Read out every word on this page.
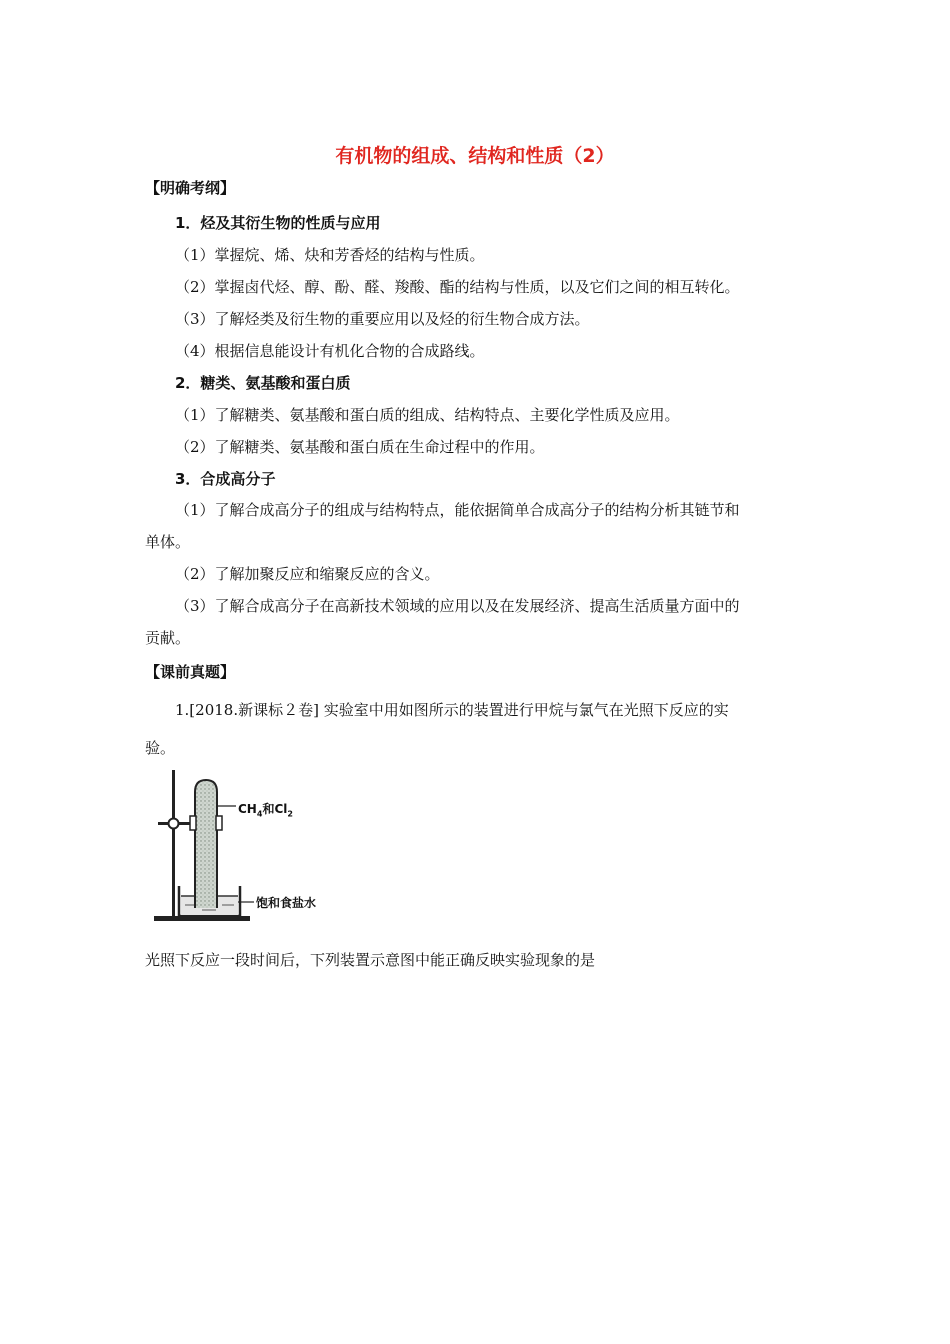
有机物的组成、结构和性质（2）
【明确考纲】
1．烃及其衍生物的性质与应用
（1）掌握烷、烯、炔和芳香烃的结构与性质。
（2）掌握卤代烃、醇、酚、醛、羧酸、酯的结构与性质，以及它们之间的相互转化。
（3）了解烃类及衍生物的重要应用以及烃的衍生物合成方法。
（4）根据信息能设计有机化合物的合成路线。
2．糖类、氨基酸和蛋白质
（1）了解糖类、氨基酸和蛋白质的组成、结构特点、主要化学性质及应用。
（2）了解糖类、氨基酸和蛋白质在生命过程中的作用。
3．合成高分子
（1）了解合成高分子的组成与结构特点，能依据简单合成高分子的结构分析其链节和
单体。
（2）了解加聚反应和缩聚反应的含义。
（3）了解合成高分子在高新技术领域的应用以及在发展经济、提高生活质量方面中的
贡献。
【课前真题】
1.[2018.新课标２卷] 实验室中用如图所示的装置进行甲烷与氯气在光照下反应的实
验。
$CH_4$和$Cl_2$
饱和食盐水
光照下反应一段时间后，下列装置示意图中能正确反映实验现象的是
